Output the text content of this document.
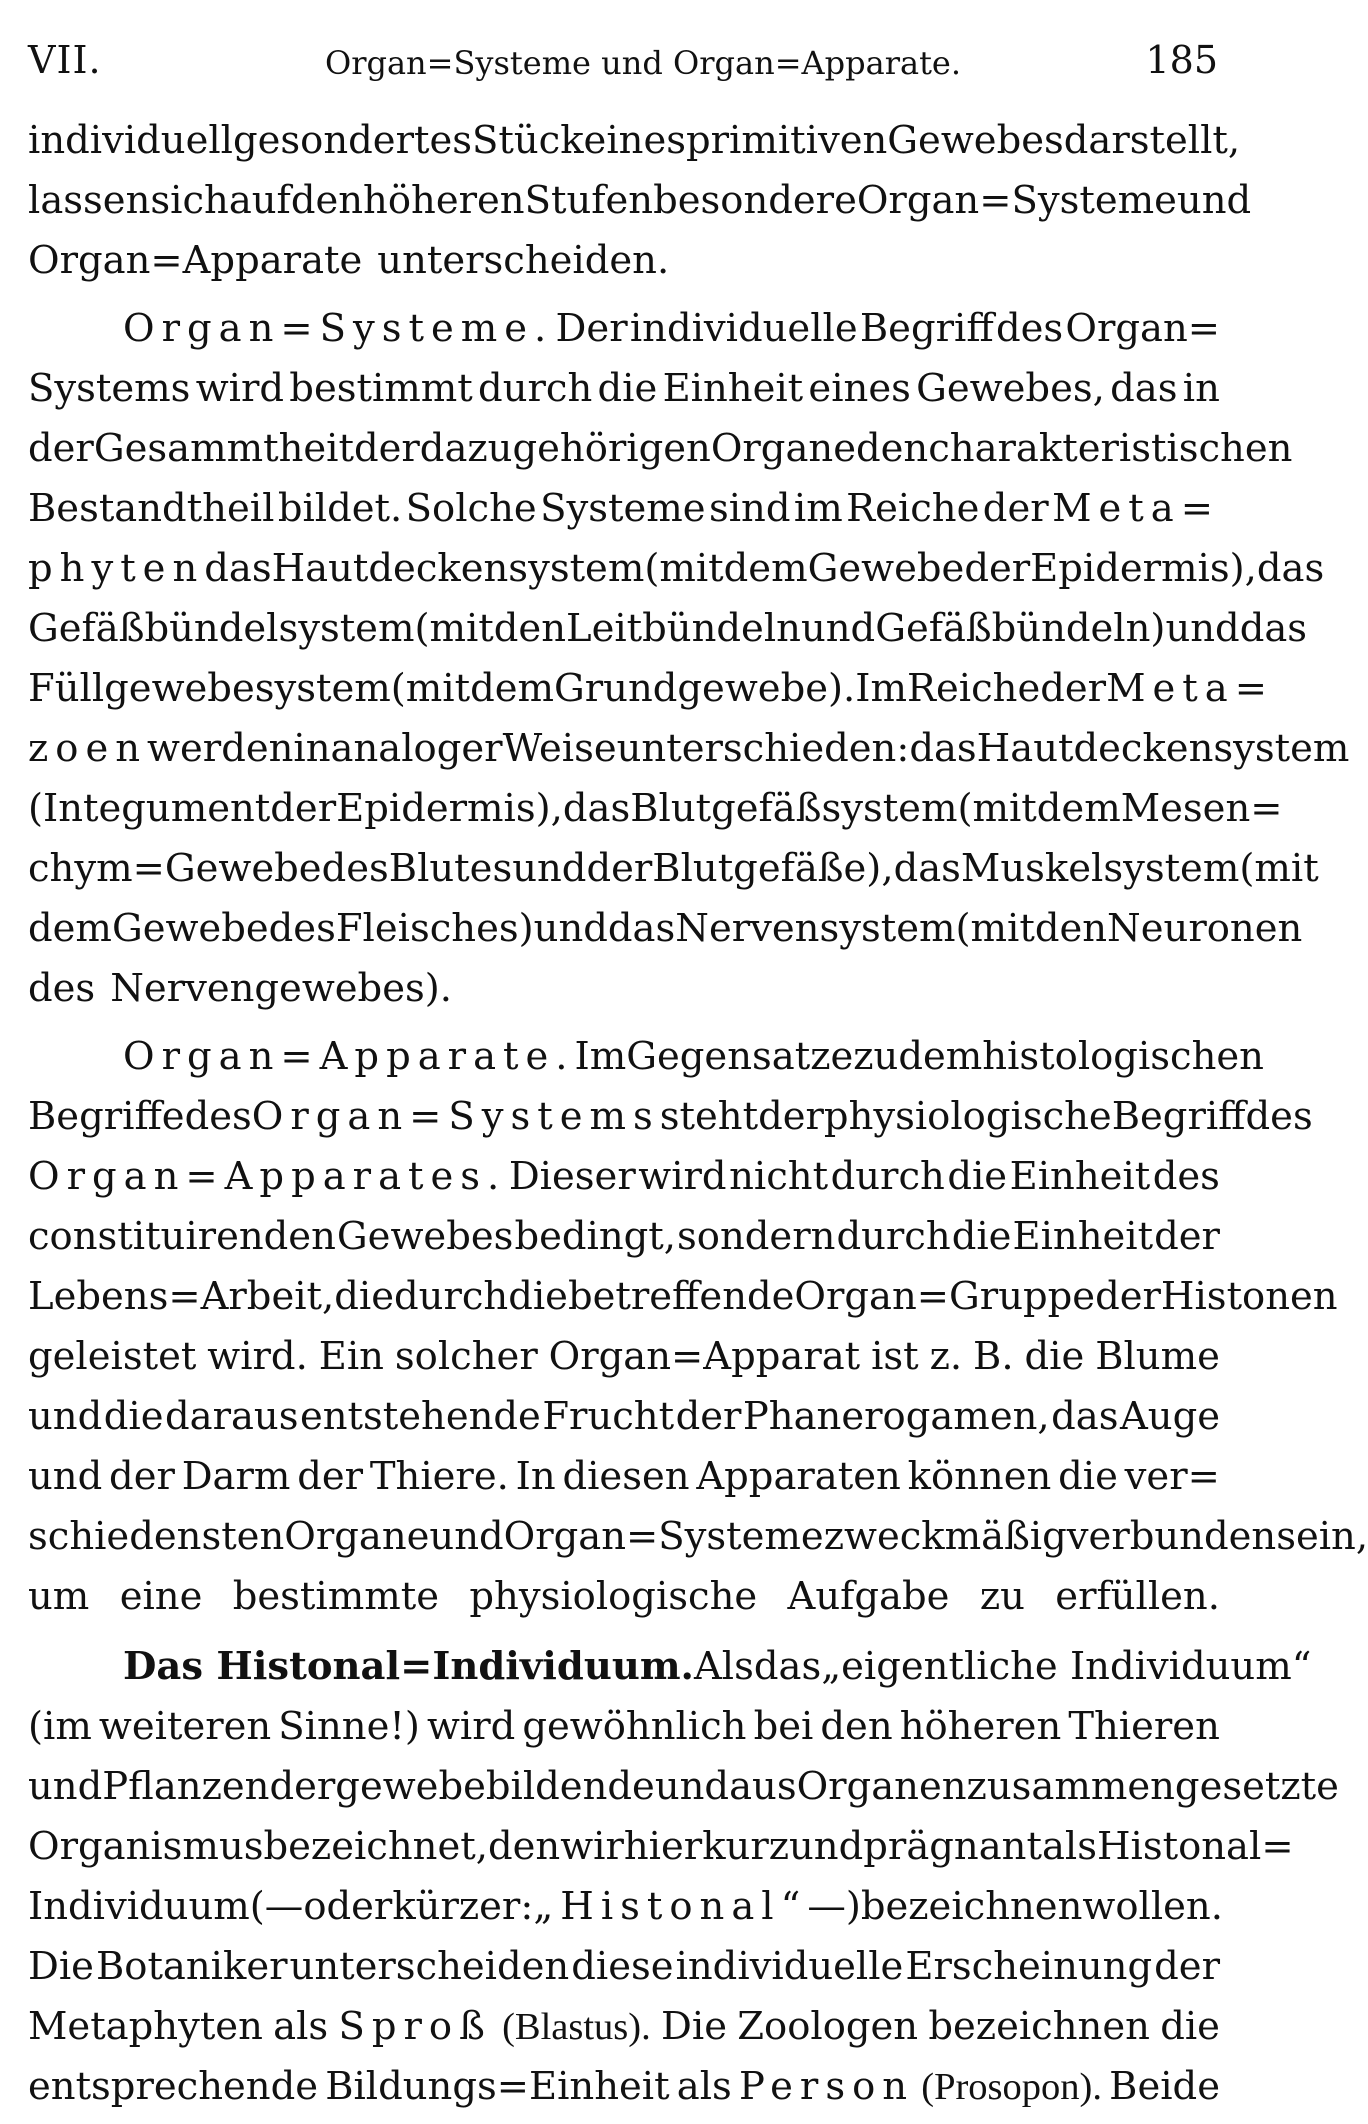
VII.	Organ=Systeme und Organ=Apparate.	185
individuell gesondertes Stück eines primitiven Gewebes darstellt,
lassen sich auf den höheren Stufen besondere Organ=Systeme und
Organ=Apparate unterscheiden.
Organ=Systeme. Der individuelle Begriff des Organ=
Systems wird bestimmt durch die Einheit eines Gewebes, das in
der Gesammtheit der dazugehörigen Organe den charakteristischen
Bestandtheil bildet. Solche Systeme sind im Reiche der Meta=
phyten das Hautdeckensystem (mit dem Gewebe der Epidermis), das
Gefäßbündelsystem (mit den Leitbündeln und Gefäßbündeln) und das
Füllgewebesystem (mit dem Grundgewebe). Im Reiche der Meta=
zoen werden in analoger Weise unterschieden: das Hautdeckensystem
(Integument der Epidermis), das Blutgefäßsystem (mit dem Mesen=
chym=Gewebe des Blutes und der Blutgefäße), das Muskelsystem (mit
dem Gewebe des Fleisches) und das Nervensystem (mit den Neuronen
des Nervengewebes).
Organ=Apparate. Im Gegensatze zu dem histologischen
Begriffe des Organ=Systems steht der physiologische Begriff des
Organ=Apparates. Dieser wird nicht durch die Einheit des
constituirenden Gewebes bedingt, sondern durch die Einheit der
Lebens=Arbeit, die durch die betreffende Organ=Gruppe der Histonen
geleistet wird. Ein solcher Organ=Apparat ist z. B. die Blume
und die daraus entstehende Frucht der Phanerogamen, das Auge
und der Darm der Thiere. In diesen Apparaten können die ver=
schiedensten Organe und Organ=Systeme zweckmäßig verbunden sein,
um eine bestimmte physiologische Aufgabe zu erfüllen.
Das Histonal=Individuum. Als das „eigentliche Individuum“
(im weiteren Sinne!) wird gewöhnlich bei den höheren Thieren
und Pflanzen der gewebebildende und aus Organen zusammengesetzte
Organismus bezeichnet, den wir hier kurz und prägnant als Histonal=
Individuum (— oder kürzer: „Histonal“ —) bezeichnen wollen.
Die Botaniker unterscheiden diese individuelle Erscheinung der
Metaphyten als Sproß (Blastus). Die Zoologen bezeichnen die
entsprechende Bildungs=Einheit als Person (Prosopon). Beide
